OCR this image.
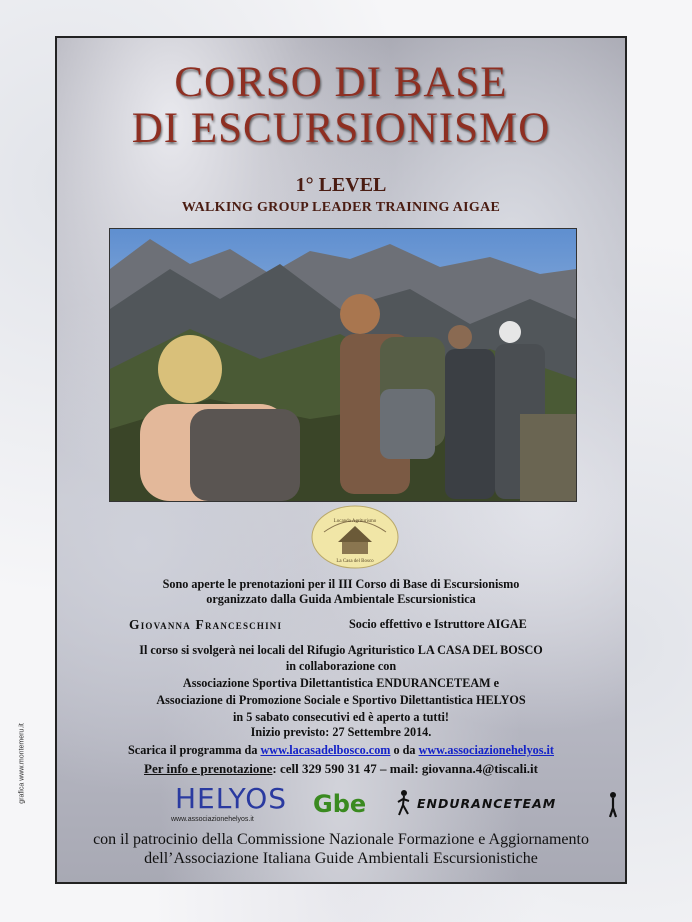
CORSO DI BASE
DI ESCURSIONISMO
1° LEVEL
WALKING GROUP LEADER TRAINING AIGAE
Locanda Agriturismo
La Casa del Bosco
Sono aperte le prenotazioni per il III Corso di Base di Escursionismo
organizzato dalla Guida Ambientale Escursionistica
Giovanna Franceschini	Socio effettivo e Istruttore AIGAE
Il corso si svolgerà nei locali del Rifugio Agrituristico LA CASA DEL BOSCO
in collaborazione con
Associazione Sportiva Dilettantistica ENDURANCETEAM e
Associazione di Promozione Sociale e Sportivo Dilettantistica HELYOS
in 5 sabato consecutivi ed è aperto a tutti!
Inizio previsto: 27 Settembre 2014.
Scarica il programma da www.lacasadelbosco.com o da www.associazionehelyos.it
Per info e prenotazione: cell 329 590 31 47 – mail: giovanna.4@tiscali.it
HELYOS
www.associazionehelyos.it
Gbe	ENDURANCETEAM
con il patrocinio della Commissione Nazionale Formazione e Aggiornamento
dell’Associazione Italiana Guide Ambientali Escursionistiche
grafica www.montemeru.it
